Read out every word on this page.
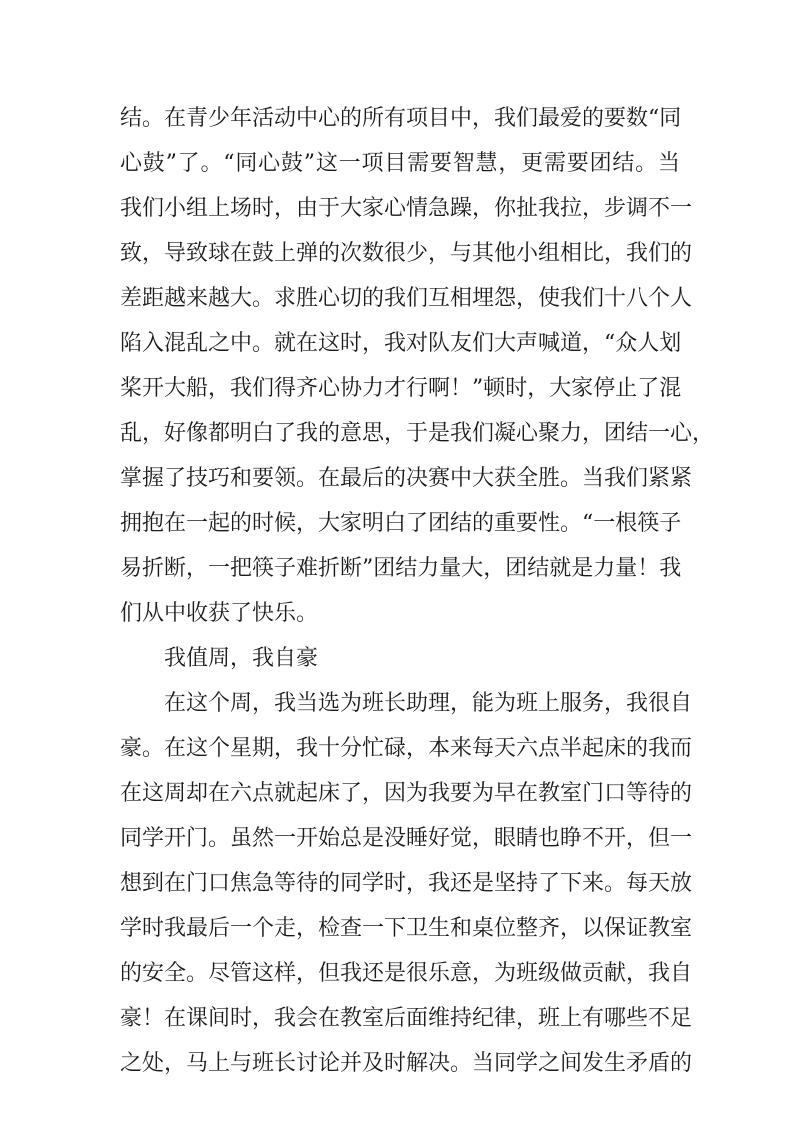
结。在青少年活动中心的所有项目中，我们最爱的要数“同
心鼓”了。“同心鼓”这一项目需要智慧，更需要团结。当
我们小组上场时，由于大家心情急躁，你扯我拉，步调不一
致，导致球在鼓上弹的次数很少，与其他小组相比，我们的
差距越来越大。求胜心切的我们互相埋怨，使我们十八个人
陷入混乱之中。就在这时，我对队友们大声喊道，“众人划
桨开大船，我们得齐心协力才行啊！”顿时，大家停止了混
乱，好像都明白了我的意思，于是我们凝心聚力，团结一心，
掌握了技巧和要领。在最后的决赛中大获全胜。当我们紧紧
拥抱在一起的时候，大家明白了团结的重要性。“一根筷子
易折断，一把筷子难折断”团结力量大，团结就是力量！我
们从中收获了快乐。
我值周，我自豪
在这个周，我当选为班长助理，能为班上服务，我很自
豪。在这个星期，我十分忙碌，本来每天六点半起床的我而
在这周却在六点就起床了，因为我要为早在教室门口等待的
同学开门。虽然一开始总是没睡好觉，眼睛也睁不开，但一
想到在门口焦急等待的同学时，我还是坚持了下来。每天放
学时我最后一个走，检查一下卫生和桌位整齐，以保证教室
的安全。尽管这样，但我还是很乐意，为班级做贡献，我自
豪！在课间时，我会在教室后面维持纪律，班上有哪些不足
之处，马上与班长讨论并及时解决。当同学之间发生矛盾的
